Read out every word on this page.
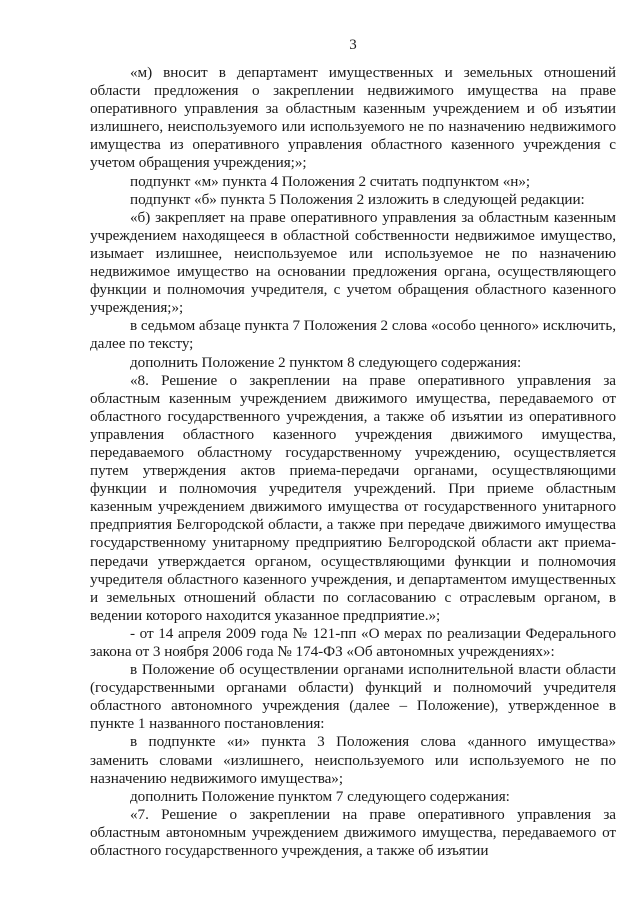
3

«м) вносит в департамент имущественных и земельных отношений области предложения о закреплении недвижимого имущества на праве оперативного управления за областным казенным учреждением и об изъятии излишнего, неиспользуемого или используемого не по назначению недвижимого имущества из оперативного управления областного казенного учреждения с учетом обращения учреждения;»;

подпункт «м» пункта 4 Положения 2 считать подпунктом «н»;

подпункт «б» пункта 5 Положения 2 изложить в следующей редакции:

«б) закрепляет на праве оперативного управления за областным казенным учреждением находящееся в областной собственности недвижимое имущество, изымает излишнее, неиспользуемое или используемое не по назначению недвижимое имущество на основании предложения органа, осуществляющего функции и полномочия учредителя, с учетом обращения областного казенного учреждения;»;

в седьмом абзаце пункта 7 Положения 2 слова «особо ценного» исключить, далее по тексту;

дополнить Положение 2 пунктом 8 следующего содержания:

«8. Решение о закреплении на праве оперативного управления за областным казенным учреждением движимого имущества, передаваемого от областного государственного учреждения, а также об изъятии из оперативного управления областного казенного учреждения движимого имущества, передаваемого областному государственному учреждению, осуществляется путем утверждения актов приема-передачи органами, осуществляющими функции и полномочия учредителя учреждений. При приеме областным казенным учреждением движимого имущества от государственного унитарного предприятия Белгородской области, а также при передаче движимого имущества государственному унитарному предприятию Белгородской области акт приема-передачи утверждается органом, осуществляющими функции и полномочия учредителя областного казенного учреждения, и департаментом имущественных и земельных отношений области по согласованию с отраслевым органом, в ведении которого находится указанное предприятие.»;

- от 14 апреля 2009 года № 121-пп «О мерах по реализации Федерального закона от 3 ноября 2006 года № 174-ФЗ «Об автономных учреждениях»:

в Положение об осуществлении органами исполнительной власти области (государственными органами области) функций и полномочий учредителя областного автономного учреждения (далее – Положение), утвержденное в пункте 1 названного постановления:

в подпункте «и» пункта 3 Положения слова «данного имущества» заменить словами «излишнего, неиспользуемого или используемого не по назначению недвижимого имущества»;

дополнить Положение пунктом 7 следующего содержания:

«7. Решение о закреплении на праве оперативного управления за областным автономным учреждением движимого имущества, передаваемого от областного государственного учреждения, а также об изъятии
